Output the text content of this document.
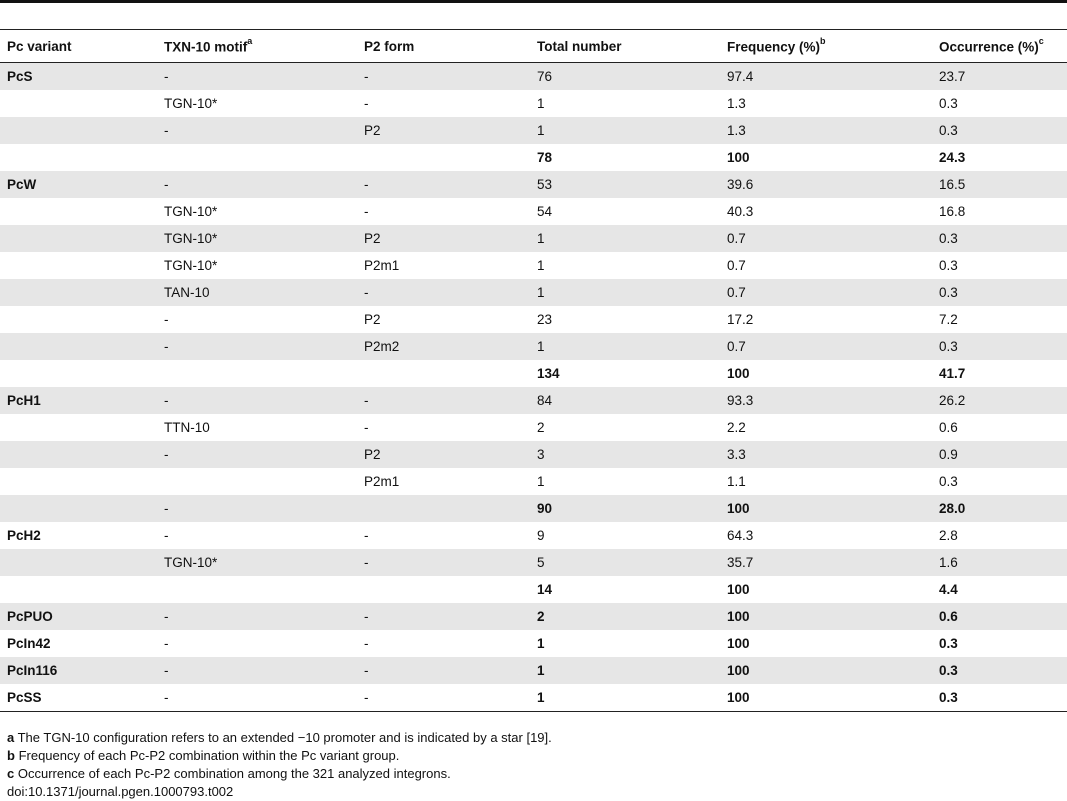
Pc variant	TXN-10 motif$^a$	P2 form	Total number	Frequency (%)$^b$	Occurrence (%)$^c$
PcS	-	-	76	97.4	23.7
	TGN-10*	-	1	1.3	0.3
	-	P2	1	1.3	0.3
			78	100	24.3
PcW	-	-	53	39.6	16.5
	TGN-10*	-	54	40.3	16.8
	TGN-10*	P2	1	0.7	0.3
	TGN-10*	P2m1	1	0.7	0.3
	TAN-10	-	1	0.7	0.3
	-	P2	23	17.2	7.2
	-	P2m2	1	0.7	0.3
			134	100	41.7
PcH1	-	-	84	93.3	26.2
	TTN-10	-	2	2.2	0.6
	-	P2	3	3.3	0.9
		P2m1	1	1.1	0.3
	-		90	100	28.0
PcH2	-	-	9	64.3	2.8
	TGN-10*	-	5	35.7	1.6
			14	100	4.4
PcPUO	-	-	2	100	0.6
PcIn42	-	-	1	100	0.3
PcIn116	-	-	1	100	0.3
PcSS	-	-	1	100	0.3
a The TGN-10 configuration refers to an extended −10 promoter and is indicated by a star [19].
b Frequency of each Pc-P2 combination within the Pc variant group.
c Occurrence of each Pc-P2 combination among the 321 analyzed integrons.
doi:10.1371/journal.pgen.1000793.t002
